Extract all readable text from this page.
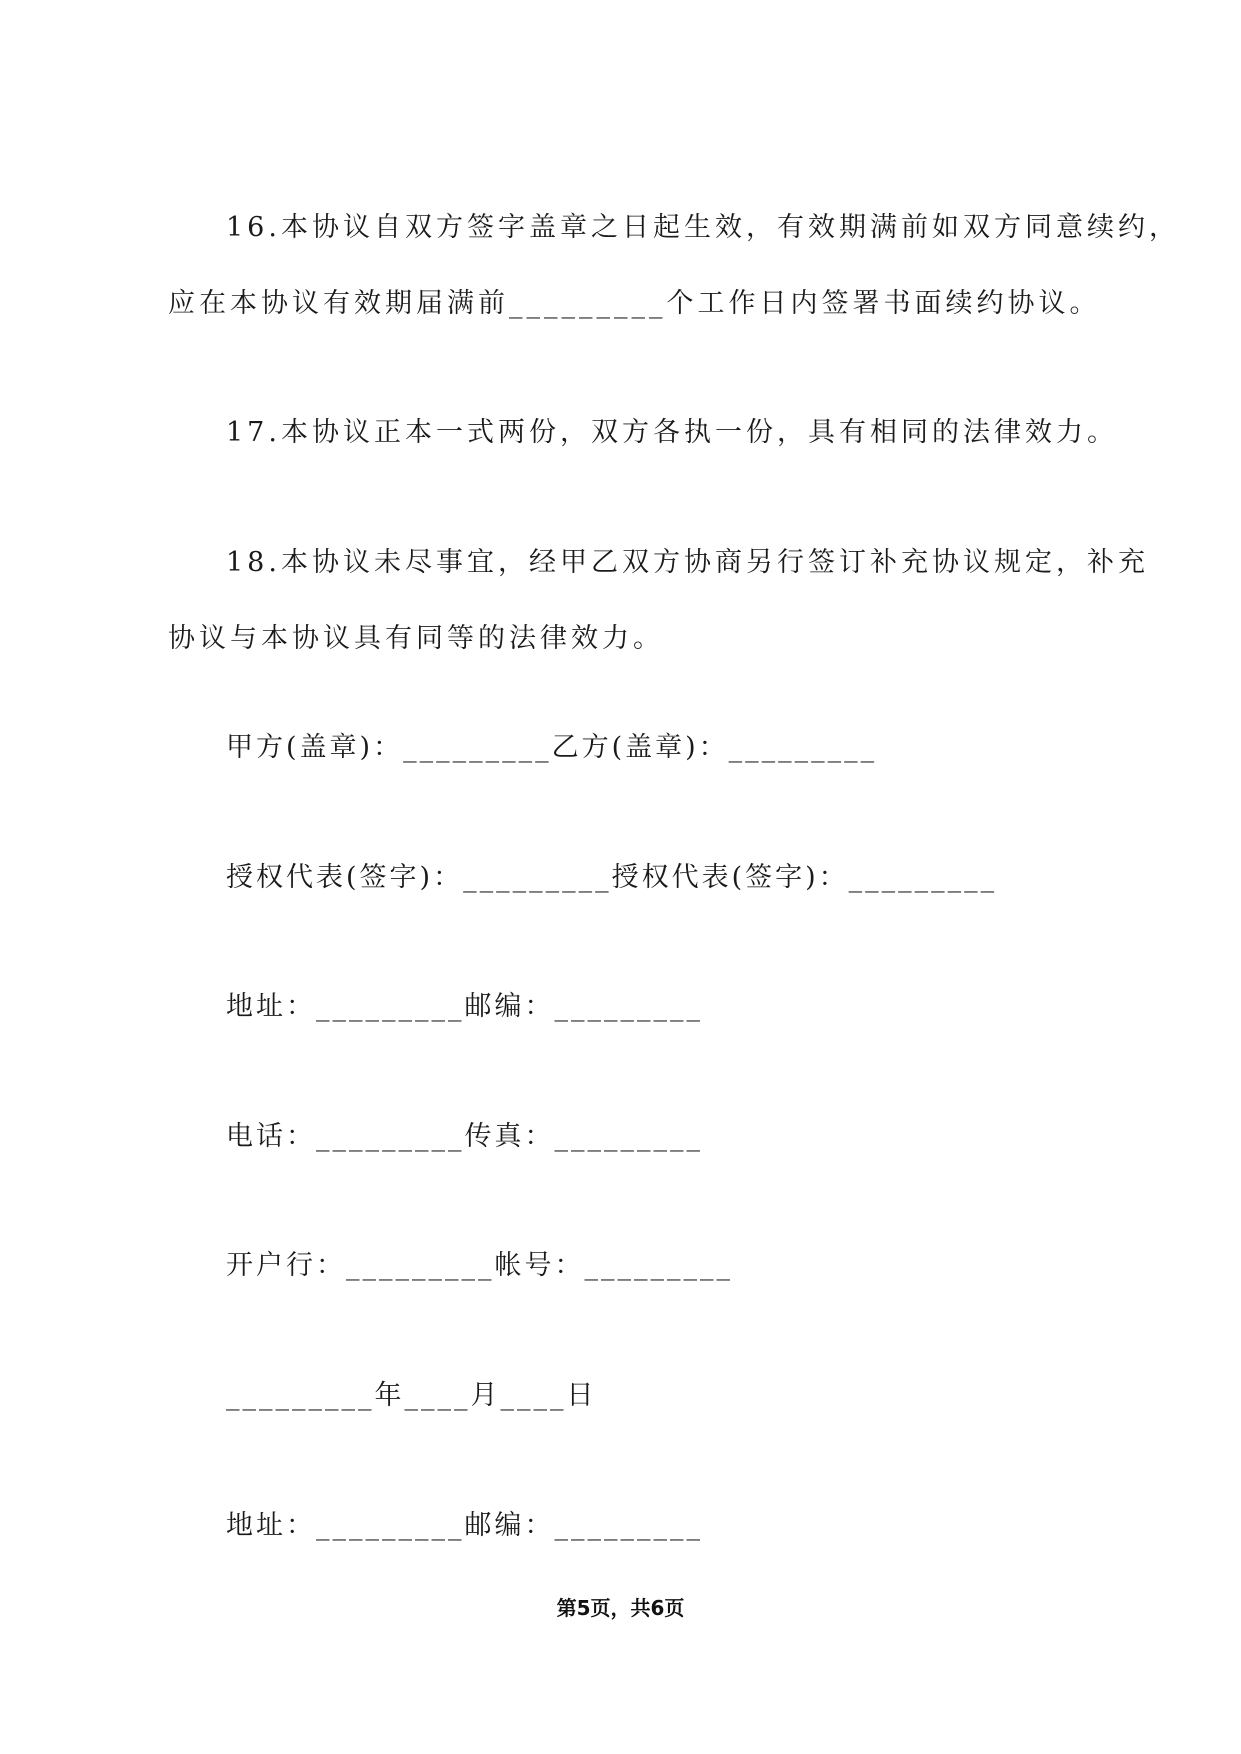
16.本协议自双方签字盖章之日起生效，有效期满前如双方同意续约，
应在本协议有效期届满前_________个工作日内签署书面续约协议。

17.本协议正本一式两份，双方各执一份，具有相同的法律效力。

18.本协议未尽事宜，经甲乙双方协商另行签订补充协议规定，补充
协议与本协议具有同等的法律效力。

甲方(盖章)：_________乙方(盖章)：_________

授权代表(签字)：_________授权代表(签字)：_________

地址：_________邮编：_________

电话：_________传真：_________

开户行：_________帐号：_________

_________年____月____日

地址：_________邮编：_________

第5页，共6页
